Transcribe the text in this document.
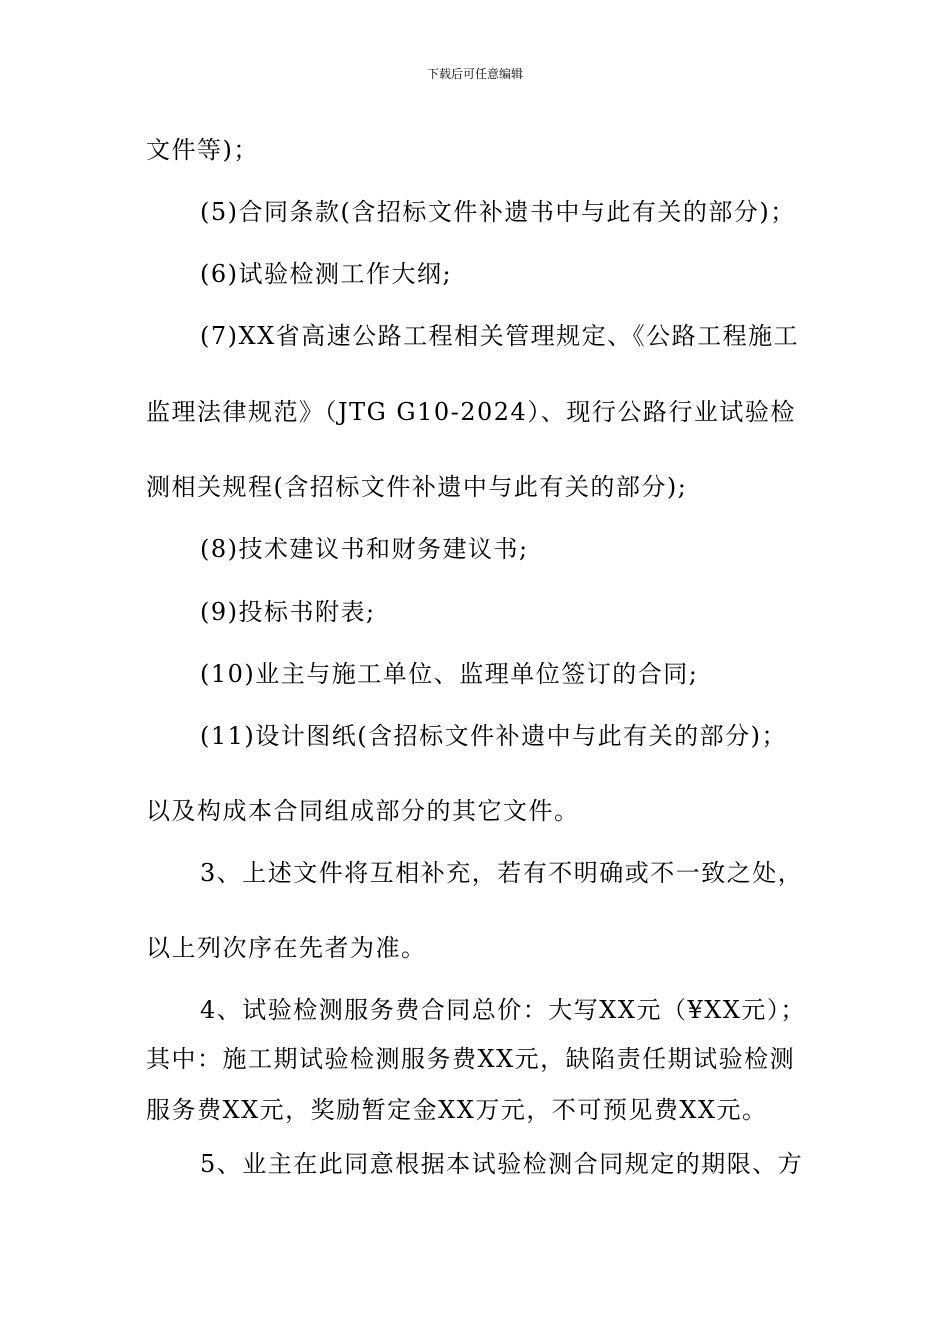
下载后可任意编辑
文件等)；
(5)合同条款(含招标文件补遗书中与此有关的部分)；
(6)试验检测工作大纲;
(7)XX省高速公路工程相关管理规定、《公路工程施工
监理法律规范》（JTG G10-2024）、现行公路行业试验检
测相关规程(含招标文件补遗中与此有关的部分);
(8)技术建议书和财务建议书;
(9)投标书附表;
(10)业主与施工单位、监理单位签订的合同;
(11)设计图纸(含招标文件补遗中与此有关的部分)；
以及构成本合同组成部分的其它文件。
3、上述文件将互相补充，若有不明确或不一致之处，
以上列次序在先者为准。
4、试验检测服务费合同总价：大写XX元（¥XX元）；
其中：施工期试验检测服务费XX元，缺陷责任期试验检测
服务费XX元，奖励暂定金XX万元，不可预见费XX元。
5、业主在此同意根据本试验检测合同规定的期限、方
